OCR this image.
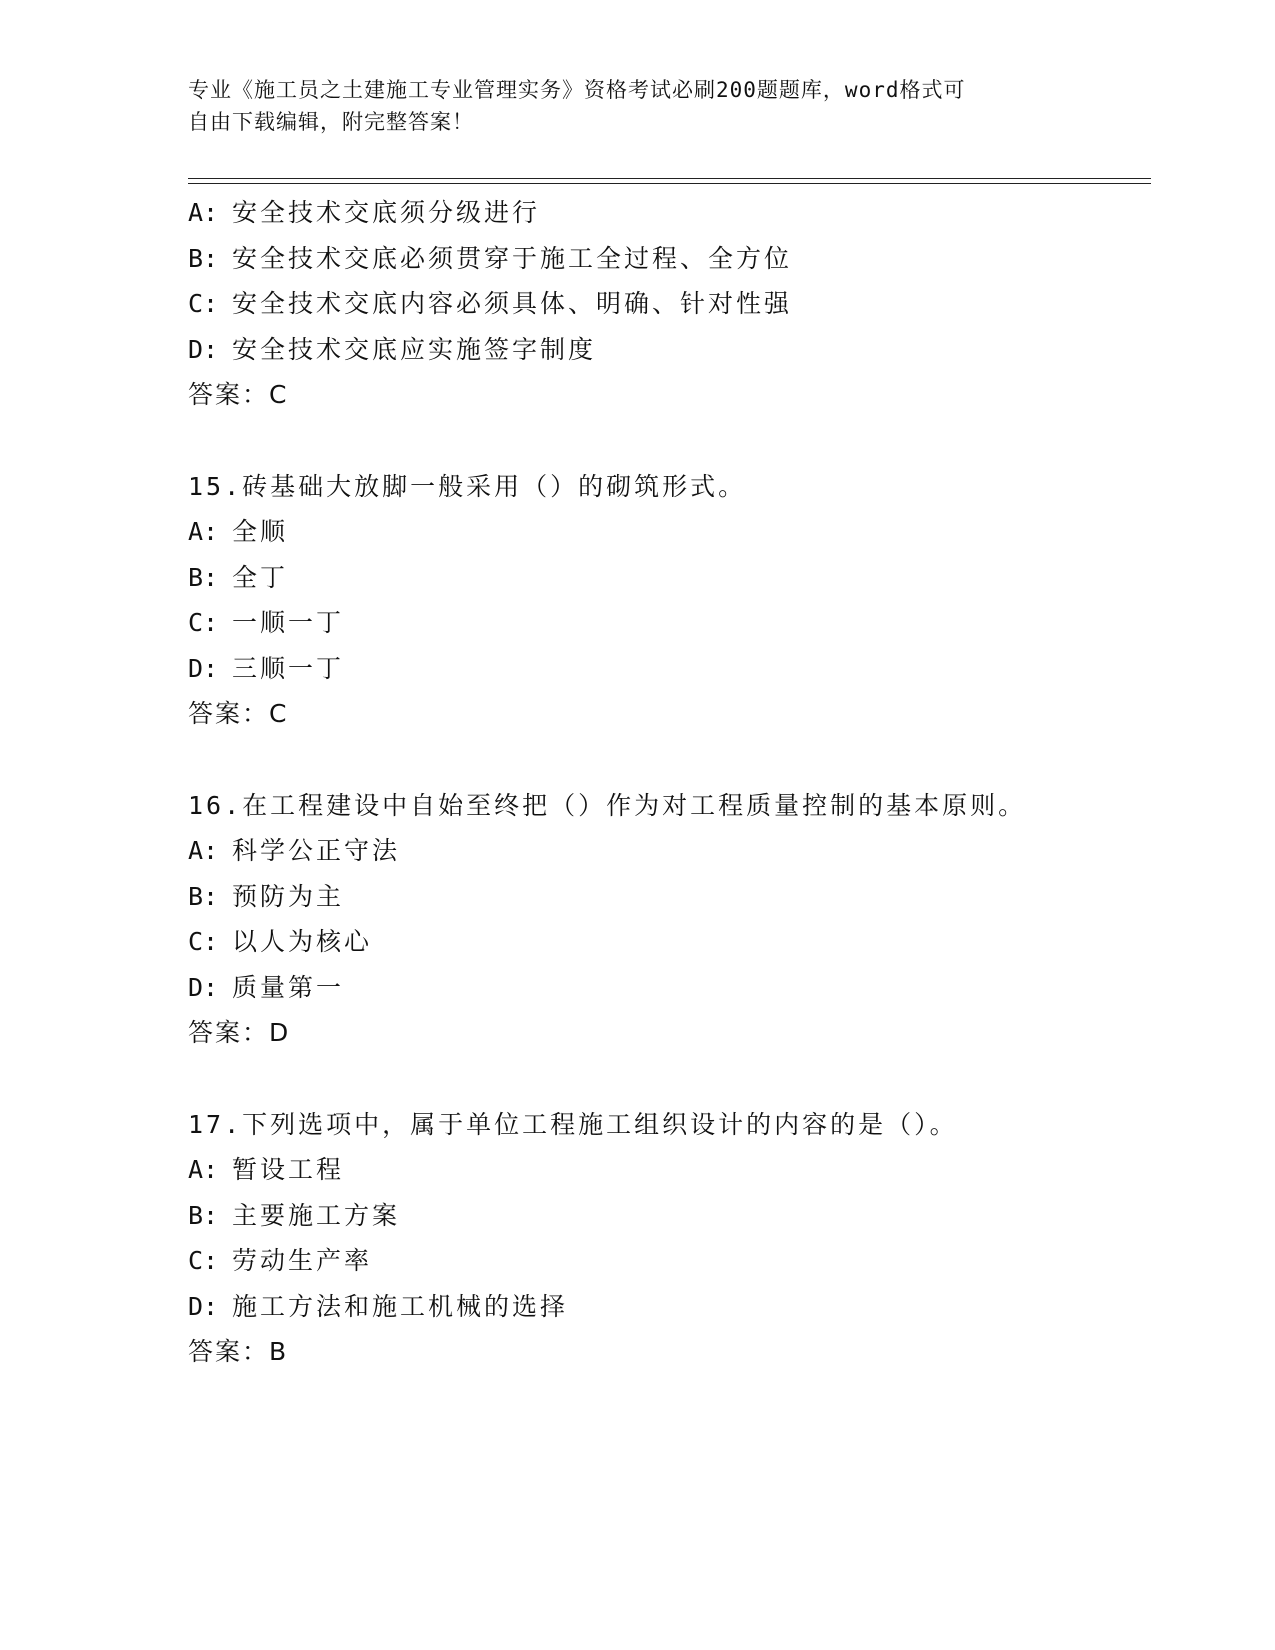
专业《施工员之土建施工专业管理实务》资格考试必刷200题题库，word格式可
自由下载编辑，附完整答案！
A: 安全技术交底须分级进行
B: 安全技术交底必须贯穿于施工全过程、全方位
C: 安全技术交底内容必须具体、明确、针对性强
D: 安全技术交底应实施签字制度
答案：C
15.砖基础大放脚一般采用（）的砌筑形式。
A: 全顺
B: 全丁
C: 一顺一丁
D: 三顺一丁
答案：C
16.在工程建设中自始至终把（）作为对工程质量控制的基本原则。
A: 科学公正守法
B: 预防为主
C: 以人为核心
D: 质量第一
答案：D
17.下列选项中，属于单位工程施工组织设计的内容的是（）。
A: 暂设工程
B: 主要施工方案
C: 劳动生产率
D: 施工方法和施工机械的选择
答案：B
